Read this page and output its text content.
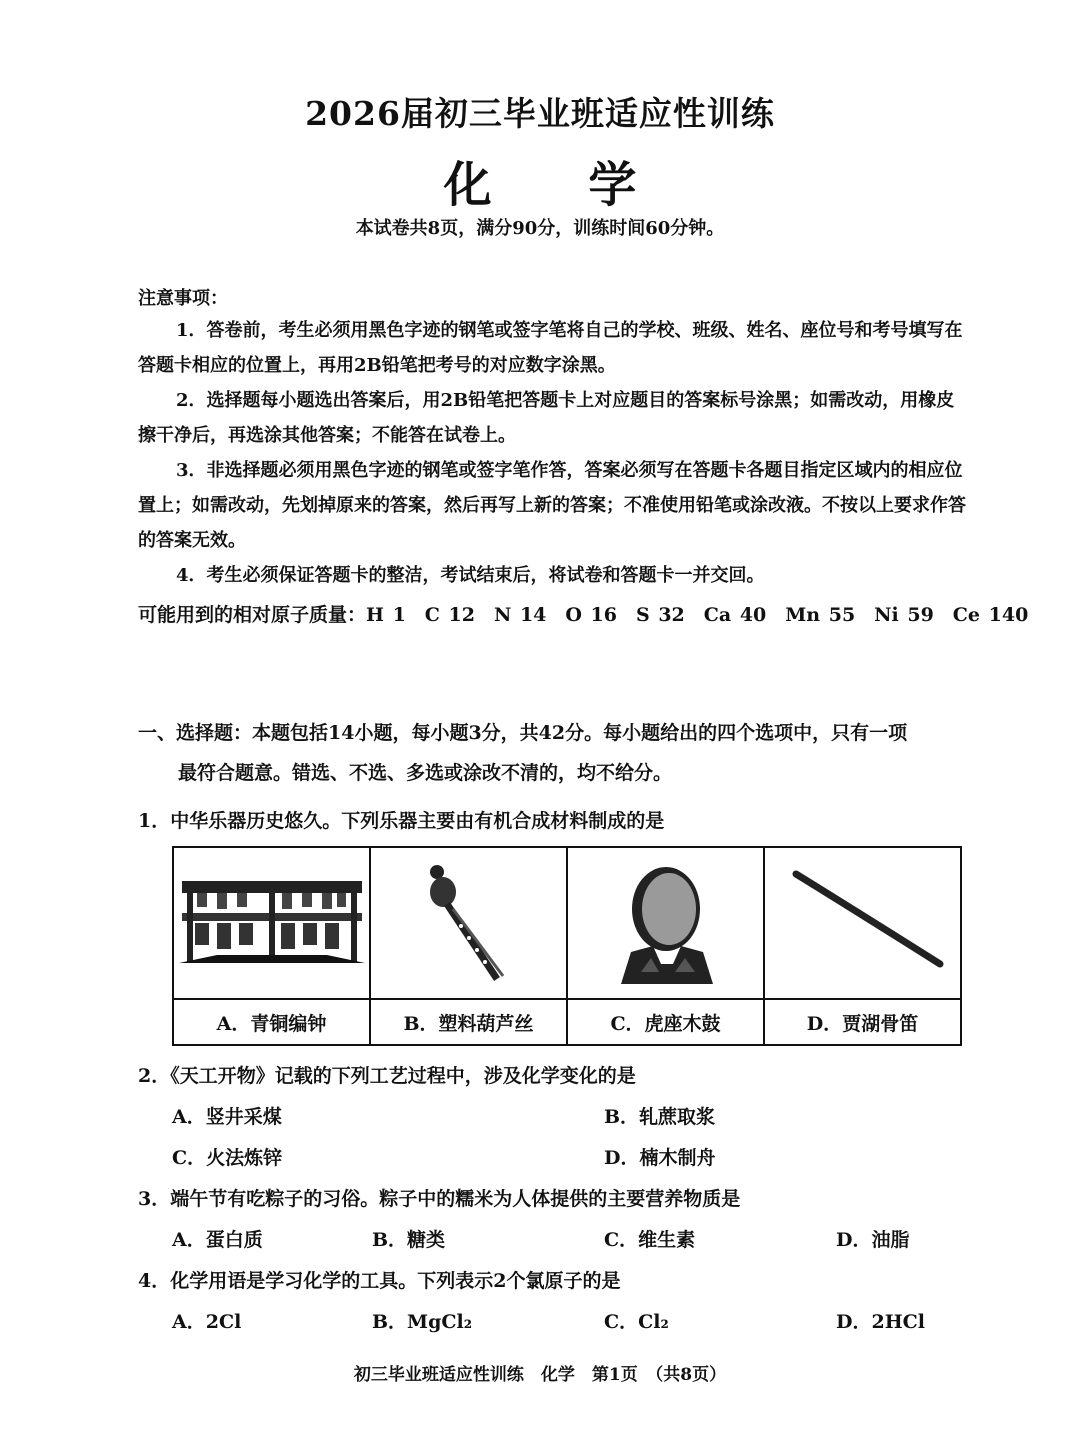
2026届初三毕业班适应性训练
化 学
本试卷共8页，满分90分，训练时间60分钟。
注意事项：
1．答卷前，考生必须用黑色字迹的钢笔或签字笔将自己的学校、班级、姓名、座位号和考号填写在答题卡相应的位置上，再用2B铅笔把考号的对应数字涂黑。
2．选择题每小题选出答案后，用2B铅笔把答题卡上对应题目的答案标号涂黑；如需改动，用橡皮擦干净后，再选涂其他答案；不能答在试卷上。
3．非选择题必须用黑色字迹的钢笔或签字笔作答，答案必须写在答题卡各题目指定区域内的相应位置上；如需改动，先划掉原来的答案，然后再写上新的答案；不准使用铅笔或涂改液。不按以上要求作答的答案无效。
4．考生必须保证答题卡的整洁，考试结束后，将试卷和答题卡一并交回。
可能用到的相对原子质量：H 1　C 12　N 14　O 16　S 32　Ca 40　Mn 55　Ni 59　Ce 140
一、选择题：本题包括14小题，每小题3分，共42分。每小题给出的四个选项中，只有一项
最符合题意。错选、不选、多选或涂改不清的，均不给分。
1．中华乐器历史悠久。下列乐器主要由有机合成材料制成的是

A．青铜编钟	B．塑料葫芦丝	C．虎座木鼓	D．贾湖骨笛
2．《天工开物》记载的下列工艺过程中，涉及化学变化的是
A．竖井采煤	B．轧蔗取浆
C．火法炼锌	D．楠木制舟
3．端午节有吃粽子的习俗。粽子中的糯米为人体提供的主要营养物质是
A．蛋白质	B．糖类	C．维生素	D．油脂
4．化学用语是学习化学的工具。下列表示2个氯原子的是
A．2Cl	B．MgCl₂	C．Cl₂	D．2HCl
初三毕业班适应性训练　化学　第1页　（共8页）
